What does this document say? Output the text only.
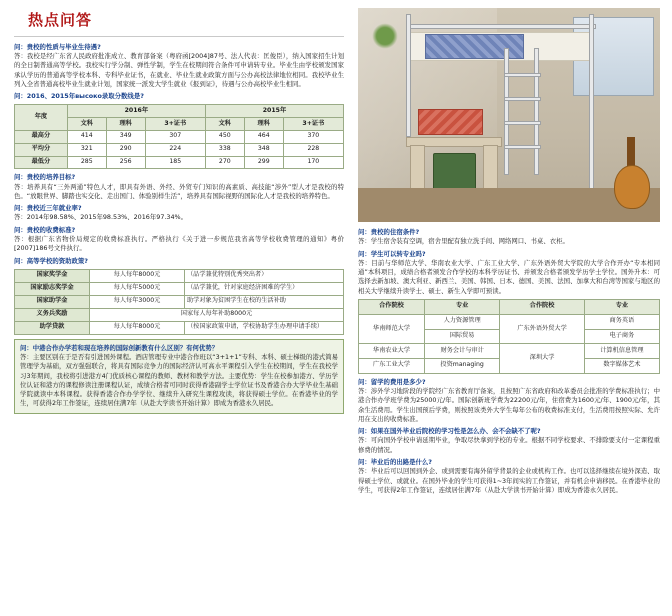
热点问答
问：贵校的性质与毕业生待遇?
答：我校是经广东省人民政府批准成立、教育部备案（粤府函[2004]87号、法人代表：匡俊臣），纳入国家招生计划的全日制普通高等学校。我校实行学分制、弹性学制，学生在校期间符合条件可申请转专业。毕业生由学校颁发国家承认学历的普通高等学校本科、专科毕业证书，在就业、毕业生就业政策方面与公办高校法律地位相同。我校毕业生列入全省普通高校毕业生就业计划，国家统一派发大学生就业《报到证》，待遇与公办高校毕业生相同。
问：2016、2015年высоко录取分数线是?
年度	2016年			2015年		
	文科	理科	3+证书	文科	理科	3+证书
最高分	414	349	307	450	464	370
平均分	321	290	224	338	348	228
最低分	285	256	185	270	299	170
问：贵校的培养目标?
答：培养具有“三外两通”特色人才，即具有外语、外经、外贸专门知识的高素质、高技能“涉外”型人才是我校的特色。“放眼世界、脚踏也实交化、走出国门、体验别样生活”，培养具有国际视野的国际化人才是我校的培养特色。
问：贵校近三年就业率?
答：2014年98.58%、2015年98.53%、2016年97.34%。
问：贵校的收费标准?
答：根据广东省物价局规定的收费标准执行。严格执行《关于进一步规范我省高等学校收费管理的通知》粤价[2007]186号文件执行。
问：高等学校的资助政策?
国家奖学金	每人每年8000元	（品学兼优特别优秀突出者）
国家励志奖学金	每人每年5000元	（品学兼优，针对家庭经济困难的学生）
国家助学金	每人每年3000元	助学对象为贫困学生在校的生活补助
义务兵奖励	国家每人每年补助8000元	
助学贷款	每人每年8000元	（按国家政策申请，学校协助学生办理申请手续）
问：中港合作办学若和现在培养的国际创新教有什么区别？有何优势？
答：主要区别在于是否有引进国外课程。酒店管理专业中港合作班以“3+1+1”专科、本科、硕士梯级的港式简易管理学为基础，双方强强联合，将具有国际竞争力的国际经济认可高水平课程引入学生在校期间，学生在我校学习3年期间，我校将引进港方4门优质核心课程的教师、教材和教学方法。主要优势：学生在校参加港方、学历学位认证和港方的课程修读注册课程认证，成绩合格者可同时获得香港副学士学位证书及香港合办大学毕业生基础学院就读中本科课程。获得香港合作办学学位、继续升入研究生课程攻读，将获得硕士学位。在香港毕业的学生，可获得2年工作签证，连续居住满7年（从赴大学读书开始计算）即成为香港永久居民。
问：贵校的住宿条件?
答：学生宿舍装有空调，宿舍里配有独立洗手间、网络网口、书桌、衣柜。
问：学生可以转专业吗?
答：目前与华师范大学、华南农业大学、广东工业大学、广东外语外贸大学院的大学合作开办“专本相同通”本科项目，成绩合格者颁发合作学校的本科学历证书、并颁发合格者颁发学历学士学位。国外升本：可选择去新加坡、澳大利亚、新西兰、美国、韩国、日本、德国、美国、法国、加拿大和台湾等国家与地区的相关大学继续升读学士、硕士、新生入学即可预读。
合作院校	专业	合作院校	专业
华南师范大学	人力资源管理	广东外语外贸大学	商务英语
	国际贸易		电子商务
华南农业大学	财务会计与审计	深圳大学	计算机信息管理
广东工业大学	投资managing		数字媒体艺术
问：留学的费用是多少?
答：涉外学习地阶段的学院经广东省教育厅备案，且按照广东省政府和改革委员会批准的学费标准执行；中港合作办学班学费为25000元/年。国际创新班学费为22200元/年，住宿费为1600元/年、1900元/年，其余生活费用。学生出国预后学费，则按照该类外大学生每年公布的收费标准支付，生活费用按照实际、允许用在支出的收费标准。
问：如果在国外毕业后院校的学习性是怎么办、会不会缺不了呢?
答：可向国外学校申请延期毕业，争取尽快拿到学校的专业。根据不同学校要求、不排除要支付一定课程重修费的情况。
问：毕业后的出路是什么?
答：毕业后可以回国到外企、或到需要有海外留学背景的企业或机构工作。也可以选择继续在境外深造、取得硕士学位、或就业。在国外毕业的学生可获得1~3年间实的工作签证，并有机会申请移民。在香港毕业的学生，可获得2年工作签证，连续居住满7年（从赴大学读书开始计算）即成为香港永久居民。
